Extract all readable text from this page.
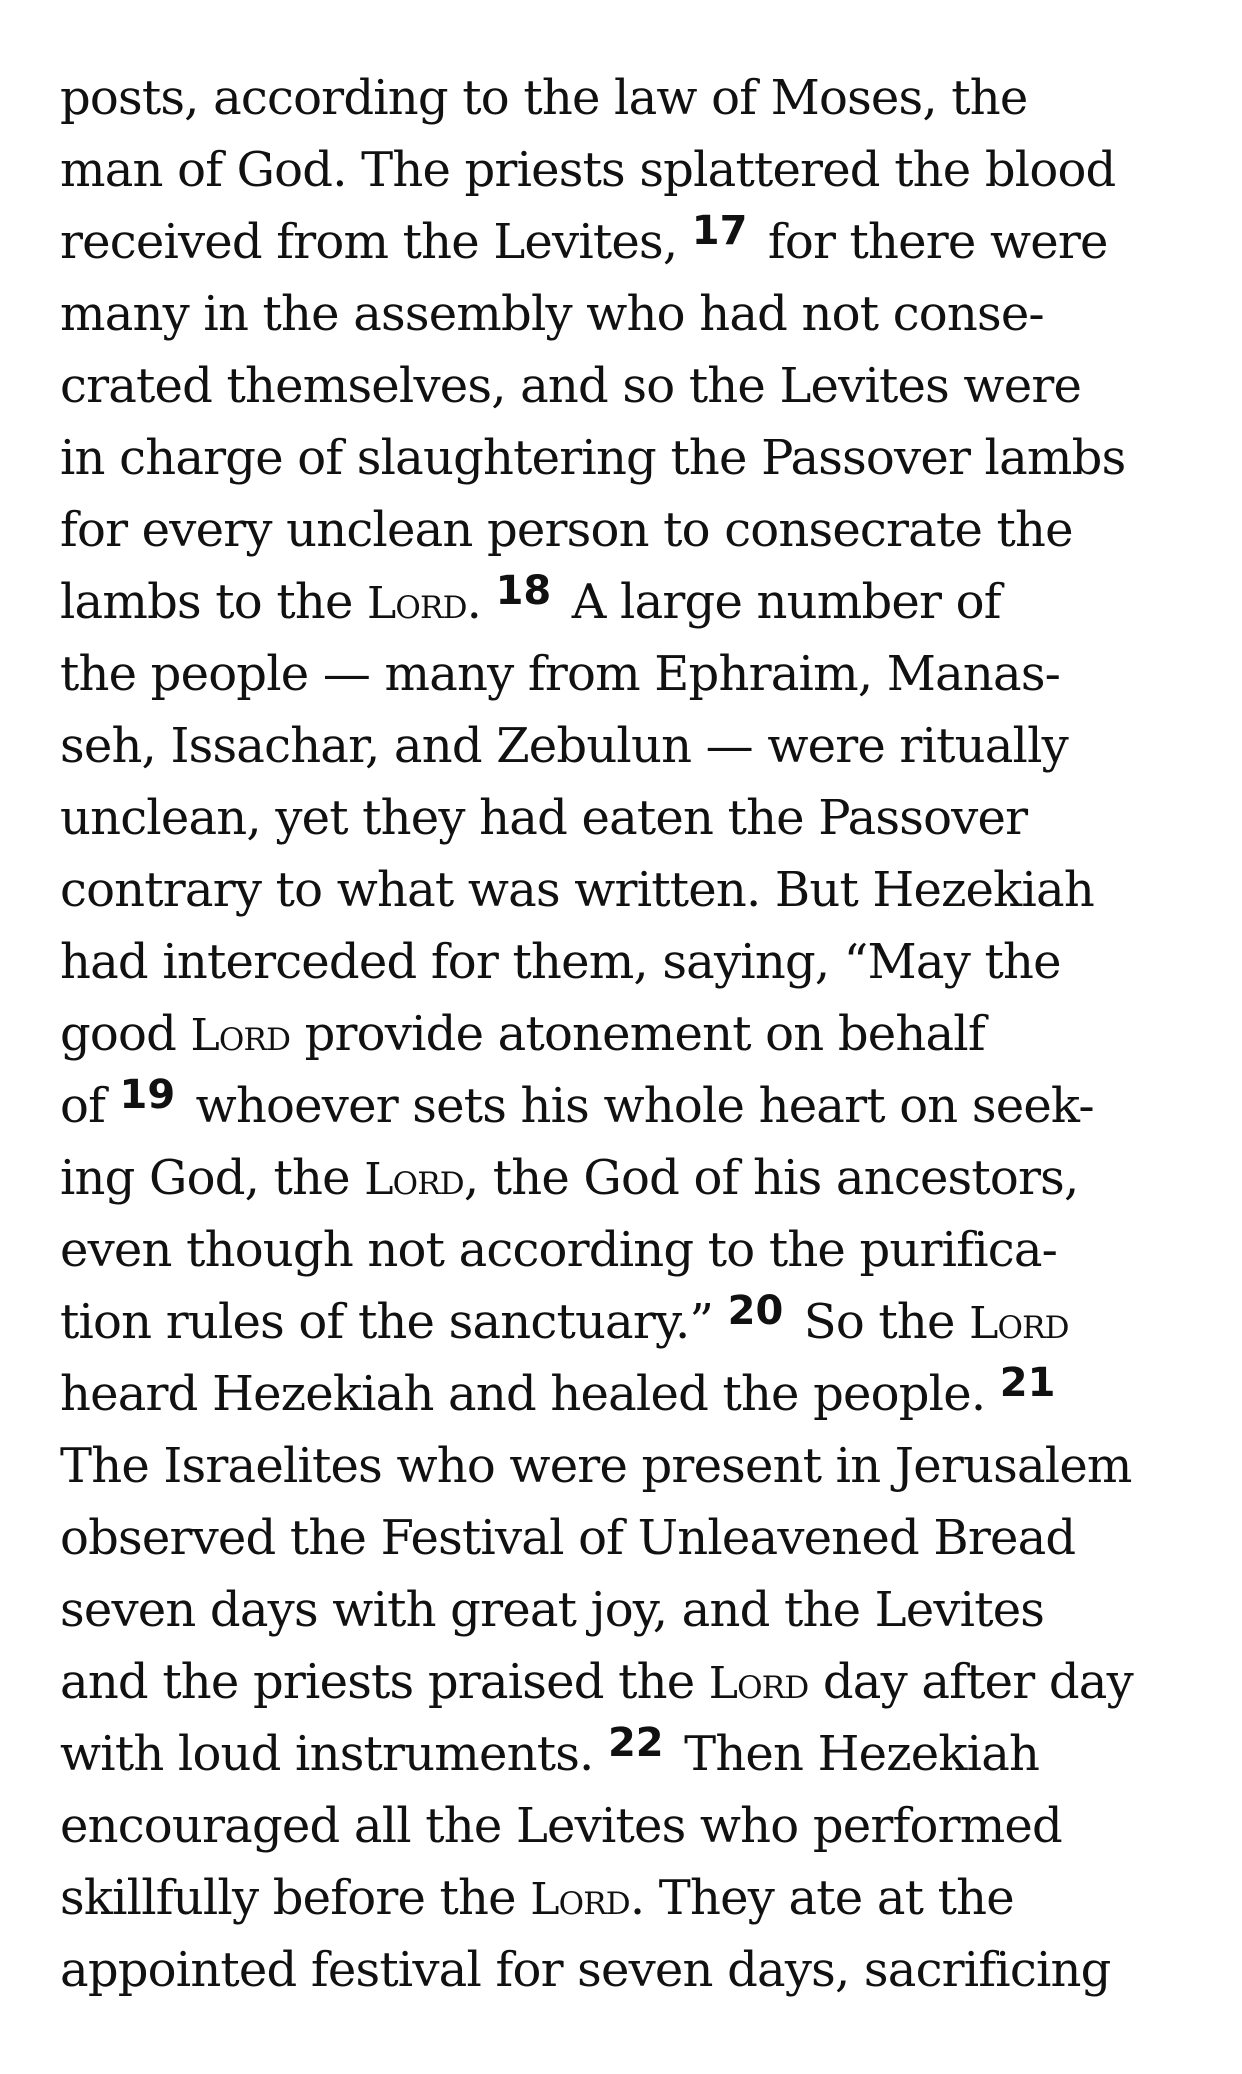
posts, according to the law of Moses, the
man of God. The priests splattered the blood
received from the Levites, $^{17}$ for there were
many in the assembly who had not conse-
crated themselves, and so the Levites were
in charge of slaughtering the Passover lambs
for every unclean person to consecrate the
lambs to the Lord. $^{18}$ A large number of
the people — many from Ephraim, Manas-
seh, Issachar, and Zebulun — were ritually
unclean, yet they had eaten the Passover
contrary to what was written. But Hezekiah
had interceded for them, saying, “May the
good Lord provide atonement on behalf
of $^{19}$ whoever sets his whole heart on seek-
ing God, the Lord, the God of his ancestors,
even though not according to the purifica-
tion rules of the sanctuary.” $^{20}$ So the Lord
heard Hezekiah and healed the people. $^{21}$
The Israelites who were present in Jerusalem
observed the Festival of Unleavened Bread
seven days with great joy, and the Levites
and the priests praised the Lord day after day
with loud instruments. $^{22}$ Then Hezekiah
encouraged all the Levites who performed
skillfully before the Lord. They ate at the
appointed festival for seven days, sacrificing
